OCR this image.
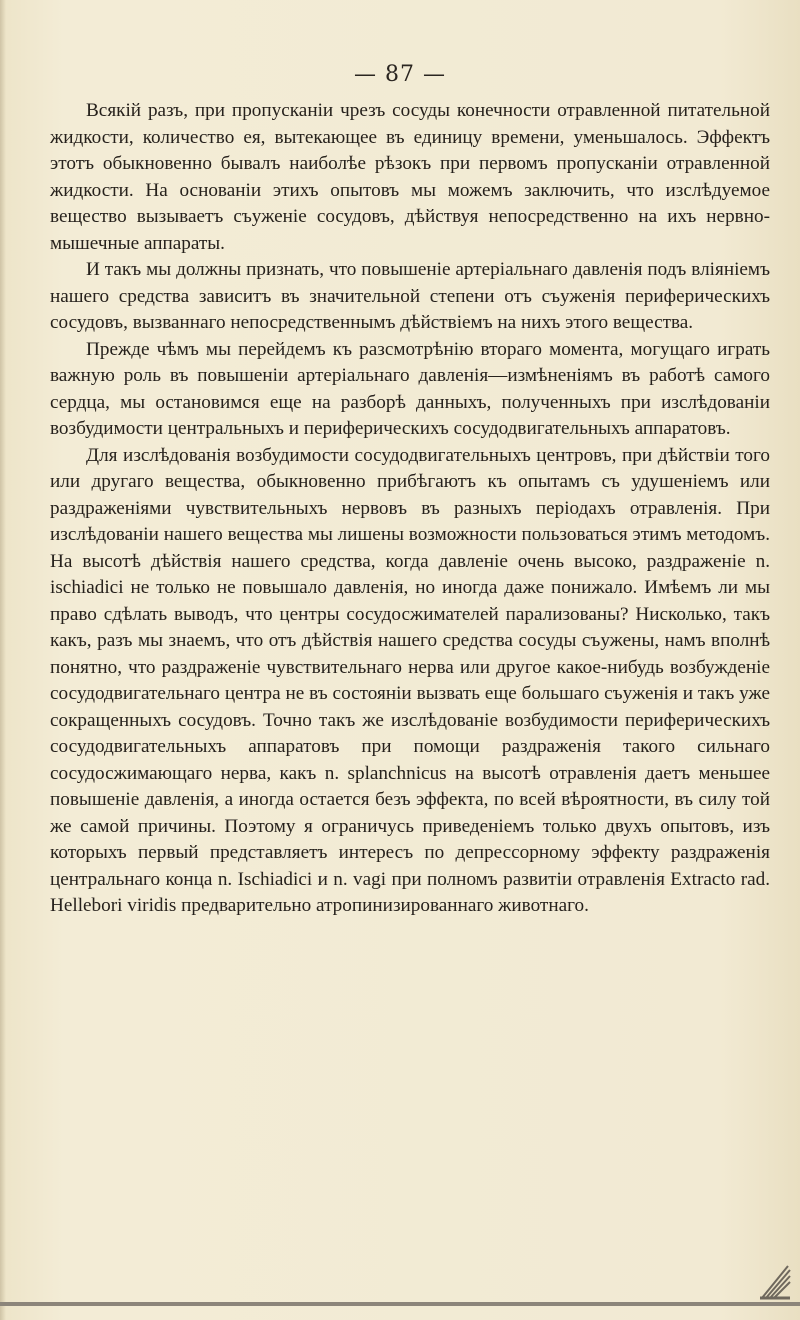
— 87 —

Всякій разъ, при пропусканіи чрезъ сосуды конечности отравленной питательной жидкости, количество ея, вытекающее въ единицу времени, уменьшалось. Эффектъ этотъ обыкновенно бывалъ наиболѣе рѣзокъ при первомъ пропусканіи отравленной жидкости. На основаніи этихъ опытовъ мы можемъ заключить, что изслѣдуемое вещество вызываетъ съуженіе сосудовъ, дѣйствуя непосредственно на ихъ нервно-мышечные аппараты.

И такъ мы должны признать, что повышеніе артеріальнаго давленія подъ вліяніемъ нашего средства зависитъ въ значительной степени отъ съуженія периферическихъ сосудовъ, вызваннаго непосредственнымъ дѣйствіемъ на нихъ этого вещества.

Прежде чѣмъ мы перейдемъ къ разсмотрѣнію втораго момента, могущаго играть важную роль въ повышеніи артеріальнаго давленія—измѣненіямъ въ работѣ самого сердца, мы остановимся еще на разборѣ данныхъ, полученныхъ при изслѣдованіи возбудимости центральныхъ и периферическихъ сосудодвигательныхъ аппаратовъ.

Для изслѣдованія возбудимости сосудодвигательныхъ центровъ, при дѣйствіи того или другаго вещества, обыкновенно прибѣгаютъ къ опытамъ съ удушеніемъ или раздраженіями чувствительныхъ нервовъ въ разныхъ періодахъ отравленія. При изслѣдованіи нашего вещества мы лишены возможности пользоваться этимъ методомъ. На высотѣ дѣйствія нашего средства, когда давленіе очень высоко, раздраженіе n. ischiadici не только не повышало давленія, но иногда даже понижало. Имѣемъ ли мы право сдѣлать выводъ, что центры сосудосжимателей парализованы? Нисколько, такъ какъ, разъ мы знаемъ, что отъ дѣйствія нашего средства сосуды съужены, намъ вполнѣ понятно, что раздраженіе чувствительнаго нерва или другое какое-нибудь возбужденіе сосудодвигательнаго центра не въ состояніи вызвать еще большаго съуженія и такъ уже сокращенныхъ сосудовъ. Точно такъ же изслѣдованіе возбудимости периферическихъ сосудодвигательныхъ аппаратовъ при помощи раздраженія такого сильнаго сосудосжимающаго нерва, какъ n. splanchnicus на высотѣ отравленія даетъ меньшее повышеніе давленія, а иногда остается безъ эффекта, по всей вѣроятности, въ силу той же самой причины. Поэтому я ограничусь приведеніемъ только двухъ опытовъ, изъ которыхъ первый представляетъ интересъ по депрессорному эффекту раздраженія центральнаго конца n. Ischiadici и n. vagi при полномъ развитіи отравленія Extracto rad. Hellebori viridis предварительно атропинизированнаго животнаго.
